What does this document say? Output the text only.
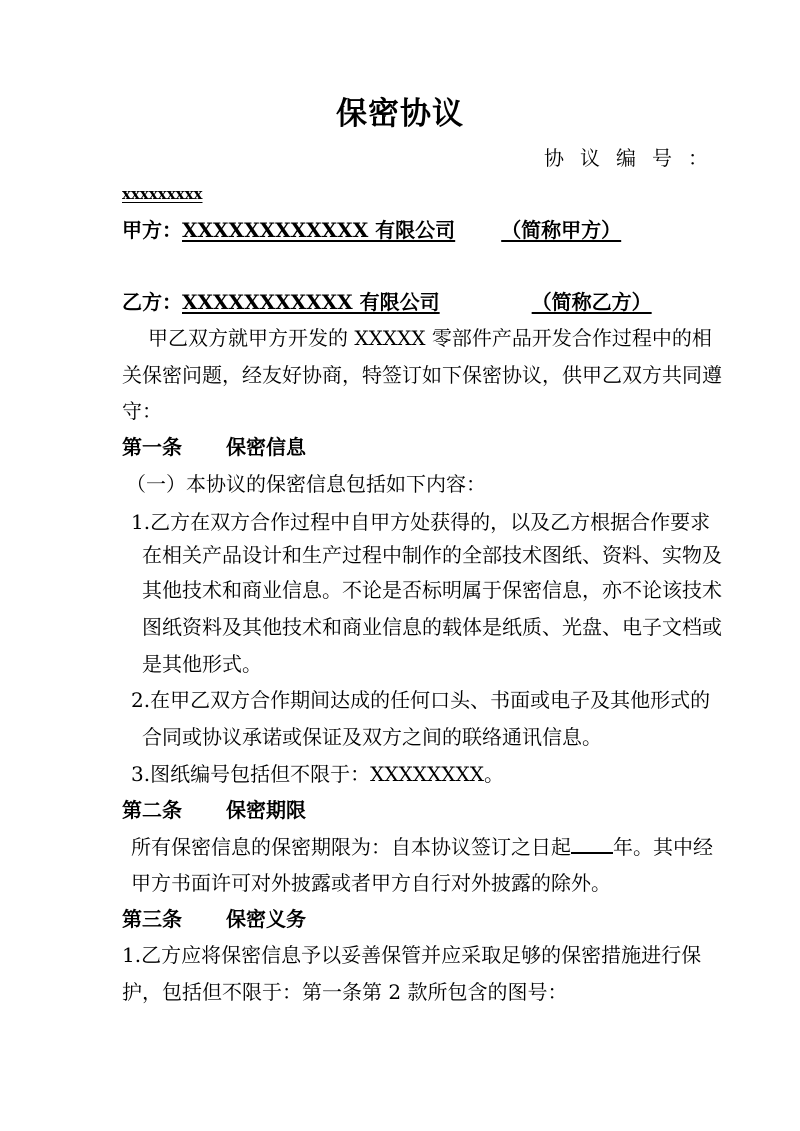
保密协议
协议编号：
xxxxxxxxx
甲方：XXXXXXXXXXXX 有限公司 （简称甲方）
乙方：XXXXXXXXXXX 有限公司	（简称乙方）
甲乙双方就甲方开发的 XXXXX 零部件产品开发合作过程中的相
关保密问题，经友好协商，特签订如下保密协议，供甲乙双方共同遵
守：
第一条 保密信息
（一）本协议的保密信息包括如下内容：
1.乙方在双方合作过程中自甲方处获得的，以及乙方根据合作要求
在相关产品设计和生产过程中制作的全部技术图纸、资料、实物及
其他技术和商业信息。不论是否标明属于保密信息，亦不论该技术
图纸资料及其他技术和商业信息的载体是纸质、光盘、电子文档或
是其他形式。
2.在甲乙双方合作期间达成的任何口头、书面或电子及其他形式的
合同或协议承诺或保证及双方之间的联络通讯信息。
3.图纸编号包括但不限于：XXXXXXXX。
第二条 保密期限
所有保密信息的保密期限为：自本协议签订之日起 年。其中经
甲方书面许可对外披露或者甲方自行对外披露的除外。
第三条 保密义务
1.乙方应将保密信息予以妥善保管并应采取足够的保密措施进行保
护，包括但不限于：第一条第 2 款所包含的图号：
